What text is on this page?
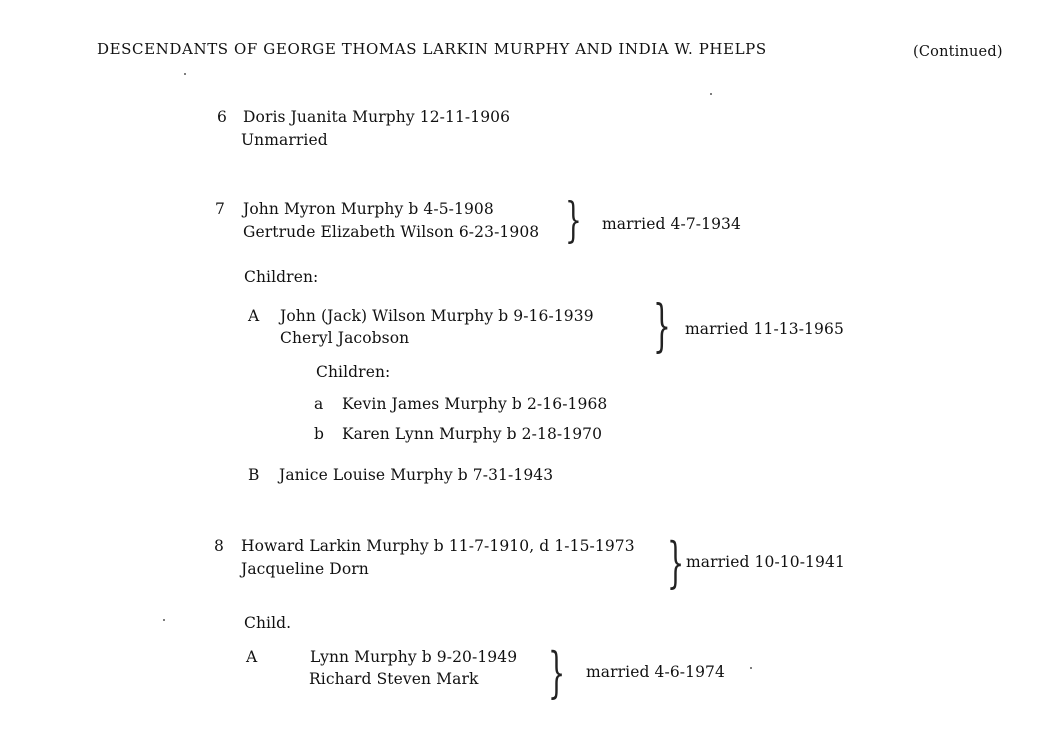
DESCENDANTS OF GEORGE THOMAS LARKIN MURPHY AND INDIA W. PHELPS	(Continued)
6 Doris Juanita Murphy 12-11-1906
Unmarried
7 John Myron Murphy b 4-5-1908
Gertrude Elizabeth Wilson 6-23-1908 } married 4-7-1934
Children:
A John (Jack) Wilson Murphy b 9-16-1939
Cheryl Jacobson	} married 11-13-1965
Children:
a Kevin James Murphy b 2-16-1968
b Karen Lynn Murphy b 2-18-1970
B Janice Louise Murphy b 7-31-1943
8 Howard Larkin Murphy b 11-7-1910, d 1-15-1973
Jacqueline Dorn	} married 10-10-1941
Child.
A	Lynn Murphy b 9-20-1949
Richard Steven Mark } married 4-6-1974
